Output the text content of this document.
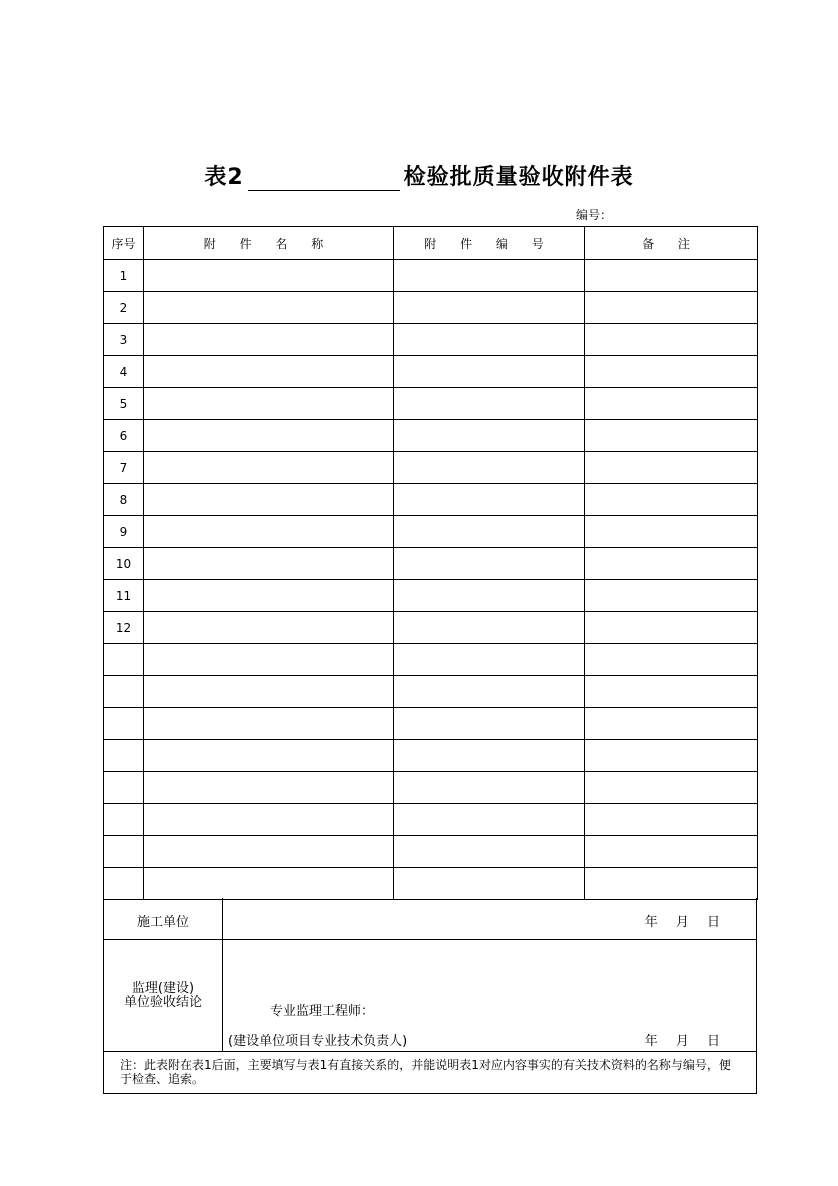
表2	检验批质量验收附件表
编号：
序号	附 件 名 称	附 件 编 号	备 注
1			
2			
3			
4			
5			
6			
7			
8			
9			
10			
11			
12			

施工单位	年 月 日
监理(建设)
单位验收结论
专业监理工程师：
(建设单位项目专业技术负责人)	年 月 日
注：此表附在表1后面，主要填写与表1有直接关系的，并能说明表1对应内容事实的有关技术资料的名称与编号，便于检查、追索。
